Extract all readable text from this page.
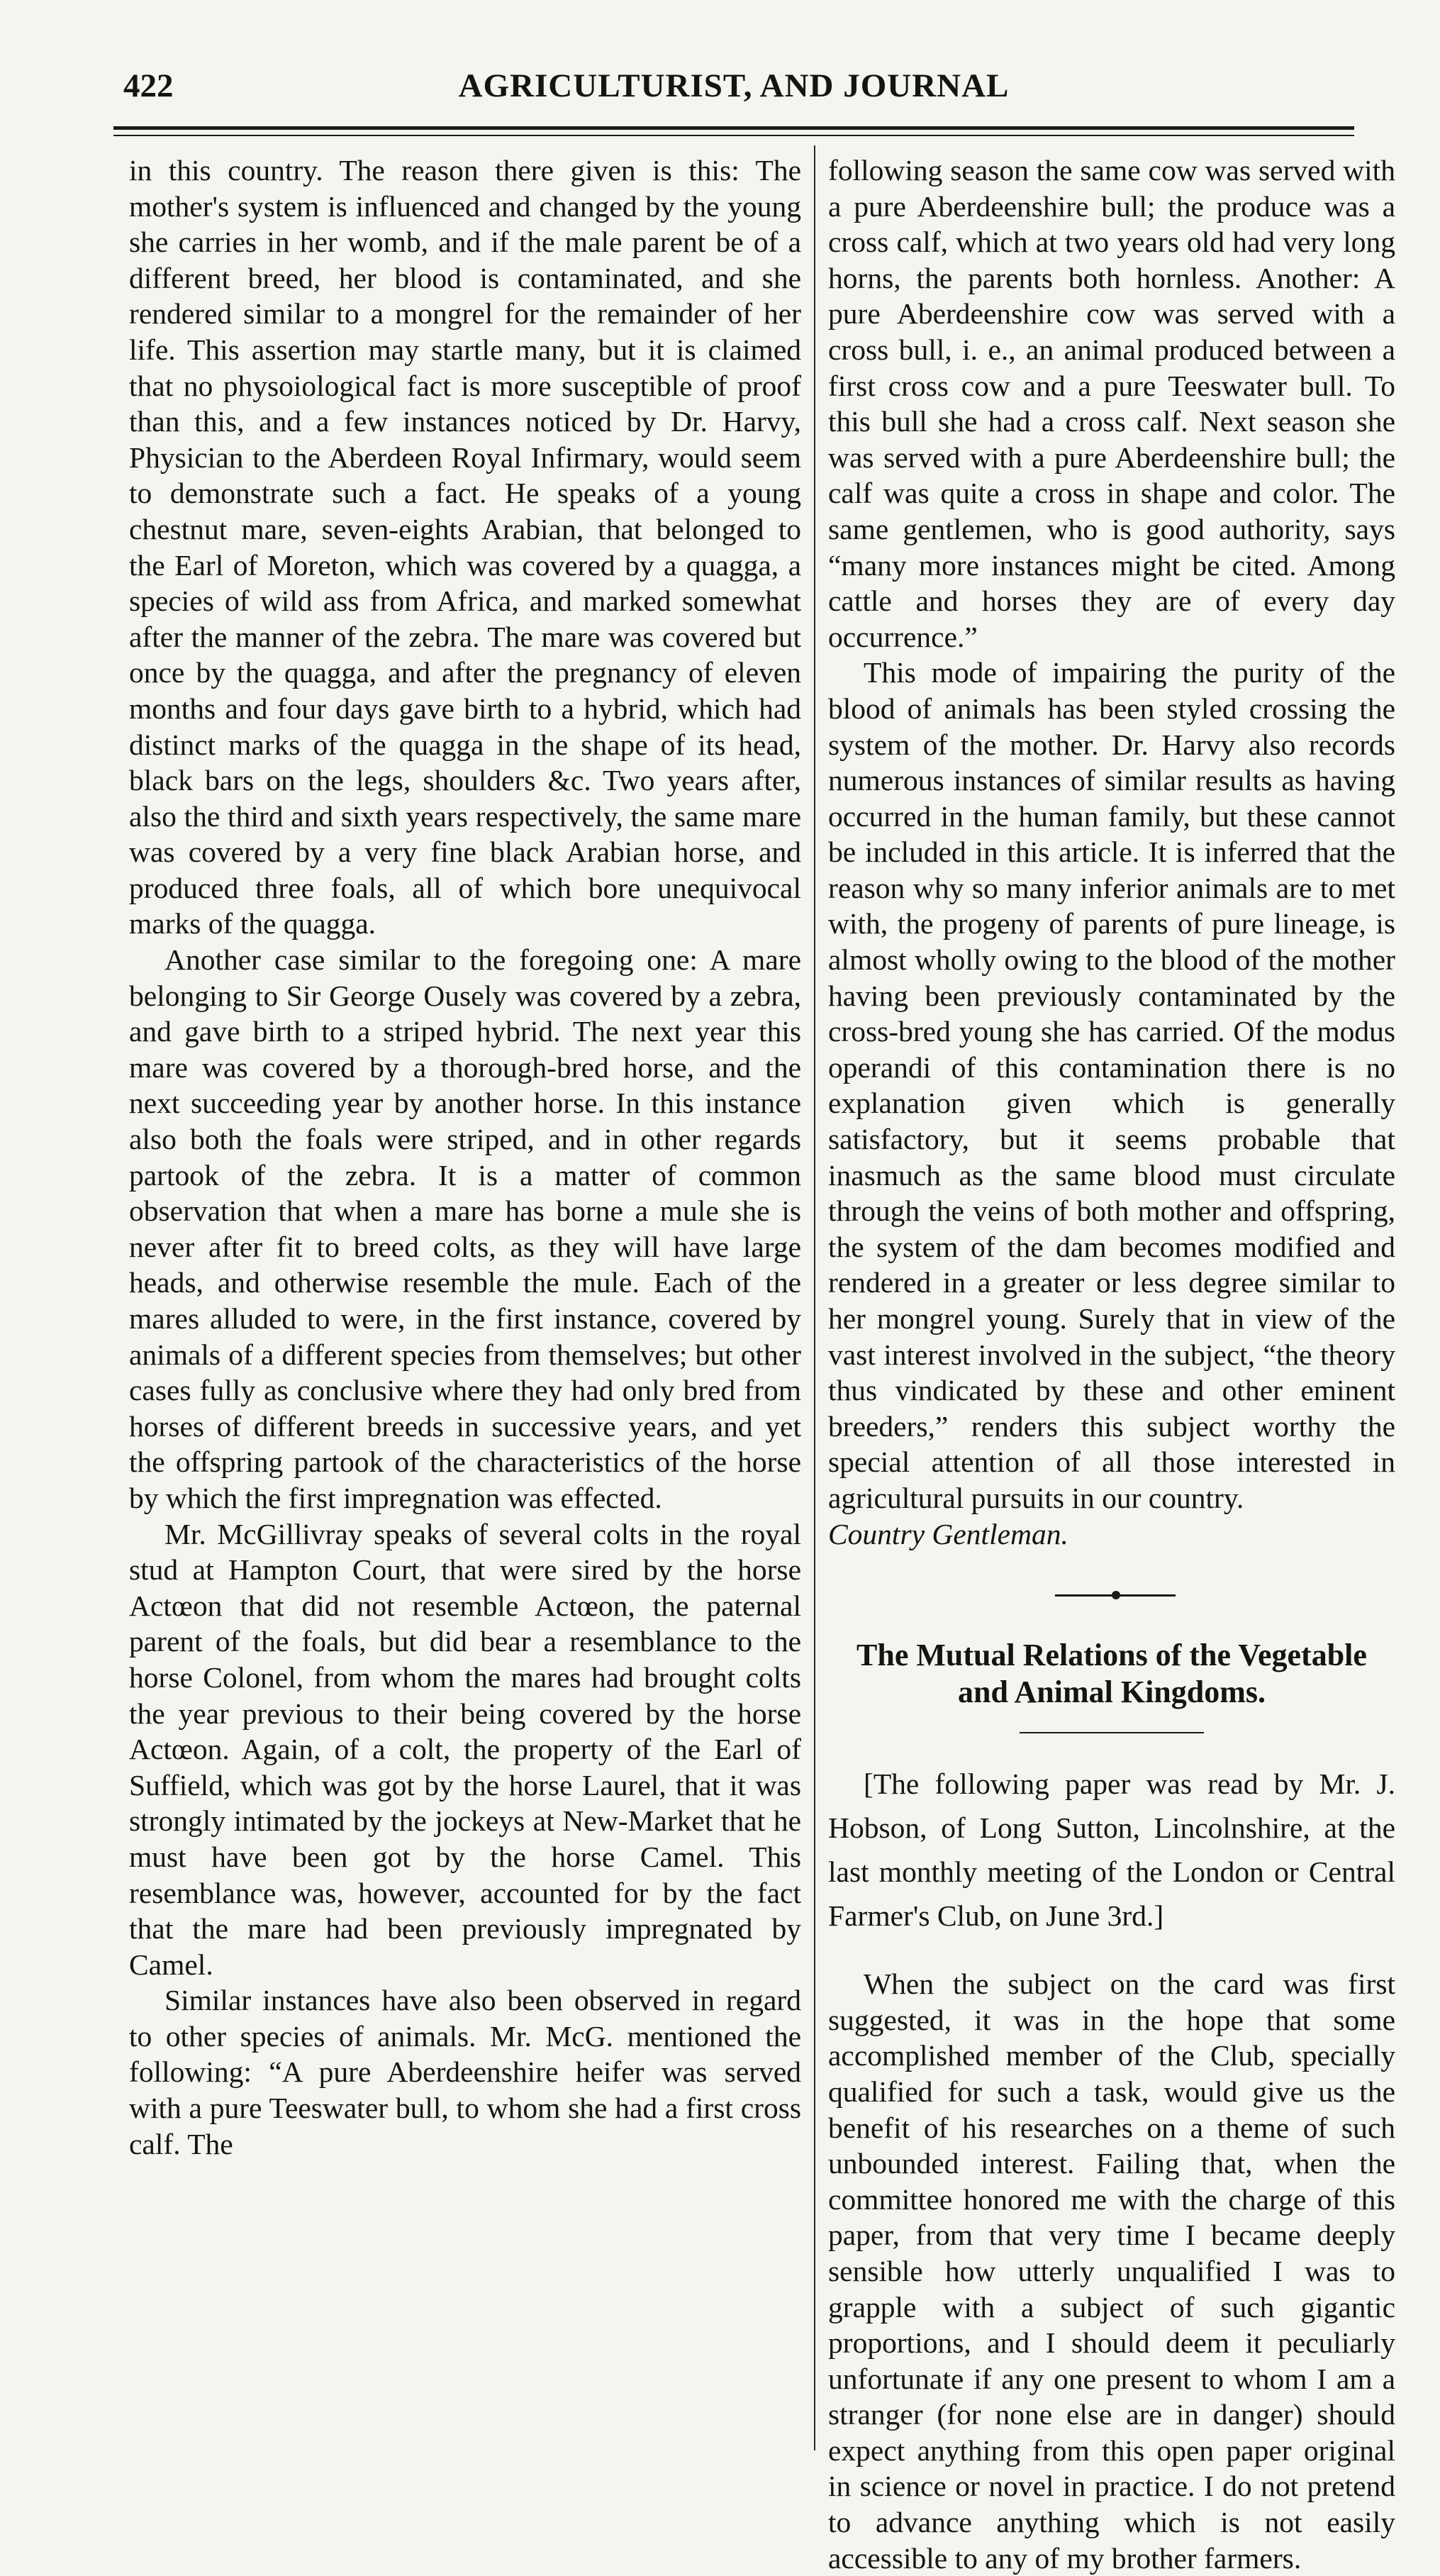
422	AGRICULTURIST, AND JOURNAL

in this country. The reason there given is this: The mother's system is influenced and changed by the young she carries in her womb, and if the male parent be of a different breed, her blood is contaminated, and she rendered similar to a mongrel for the remainder of her life. This assertion may startle many, but it is claimed that no physoiological fact is more susceptible of proof than this, and a few instances noticed by Dr. Harvy, Physician to the Aberdeen Royal Infirmary, would seem to demonstrate such a fact. He speaks of a young chestnut mare, seven-eights Arabian, that belonged to the Earl of Moreton, which was covered by a quagga, a species of wild ass from Africa, and marked somewhat after the manner of the zebra. The mare was covered but once by the quagga, and after the pregnancy of eleven months and four days gave birth to a hybrid, which had distinct marks of the quagga in the shape of its head, black bars on the legs, shoulders &c. Two years after, also the third and sixth years respectively, the same mare was covered by a very fine black Arabian horse, and produced three foals, all of which bore unequivocal marks of the quagga.

Another case similar to the foregoing one: A mare belonging to Sir George Ousely was covered by a zebra, and gave birth to a striped hybrid. The next year this mare was covered by a thorough-bred horse, and the next succeeding year by another horse. In this instance also both the foals were striped, and in other regards partook of the zebra. It is a matter of common observation that when a mare has borne a mule she is never after fit to breed colts, as they will have large heads, and otherwise resemble the mule. Each of the mares alluded to were, in the first instance, covered by animals of a different species from themselves; but other cases fully as conclusive where they had only bred from horses of different breeds in successive years, and yet the offspring partook of the characteristics of the horse by which the first impregnation was effected.

Mr. McGillivray speaks of several colts in the royal stud at Hampton Court, that were sired by the horse Actœon that did not resemble Actœon, the paternal parent of the foals, but did bear a resemblance to the horse Colonel, from whom the mares had brought colts the year previous to their being covered by the horse Actœon. Again, of a colt, the property of the Earl of Suffield, which was got by the horse Laurel, that it was strongly intimated by the jockeys at New-Market that he must have been got by the horse Camel. This resemblance was, however, accounted for by the fact that the mare had been previously impregnated by Camel.

Similar instances have also been observed in regard to other species of animals. Mr. McG. mentioned the following: “A pure Aberdeenshire heifer was served with a pure Teeswater bull, to whom she had a first cross calf. The

following season the same cow was served with a pure Aberdeenshire bull; the produce was a cross calf, which at two years old had very long horns, the parents both hornless. Another: A pure Aberdeenshire cow was served with a cross bull, i. e., an animal produced between a first cross cow and a pure Teeswater bull. To this bull she had a cross calf. Next season she was served with a pure Aberdeenshire bull; the calf was quite a cross in shape and color. The same gentlemen, who is good authority, says “many more instances might be cited. Among cattle and horses they are of every day occurrence.”

This mode of impairing the purity of the blood of animals has been styled crossing the system of the mother. Dr. Harvy also records numerous instances of similar results as having occurred in the human family, but these cannot be included in this article. It is inferred that the reason why so many inferior animals are to met with, the progeny of parents of pure lineage, is almost wholly owing to the blood of the mother having been previously contaminated by the cross-bred young she has carried. Of the modus operandi of this contamination there is no explanation given which is generally satisfactory, but it seems probable that inasmuch as the same blood must circulate through the veins of both mother and offspring, the system of the dam becomes modified and rendered in a greater or less degree similar to her mongrel young. Surely that in view of the vast interest involved in the subject, “the theory thus vindicated by these and other eminent breeders,” renders this subject worthy the special attention of all those interested in agricultural pursuits in our country.

Country Gentleman.

The Mutual Relations of the Vegetable and Animal Kingdoms.

[The following paper was read by Mr. J. Hobson, of Long Sutton, Lincolnshire, at the last monthly meeting of the London or Central Farmer's Club, on June 3rd.]

When the subject on the card was first suggested, it was in the hope that some accomplished member of the Club, specially qualified for such a task, would give us the benefit of his researches on a theme of such unbounded interest. Failing that, when the committee honored me with the charge of this paper, from that very time I became deeply sensible how utterly unqualified I was to grapple with a subject of such gigantic proportions, and I should deem it peculiarly unfortunate if any one present to whom I am a stranger (for none else are in danger) should expect anything from this open paper original in science or novel in practice. I do not pretend to advance anything which is not easily accessible to any of my brother farmers.
